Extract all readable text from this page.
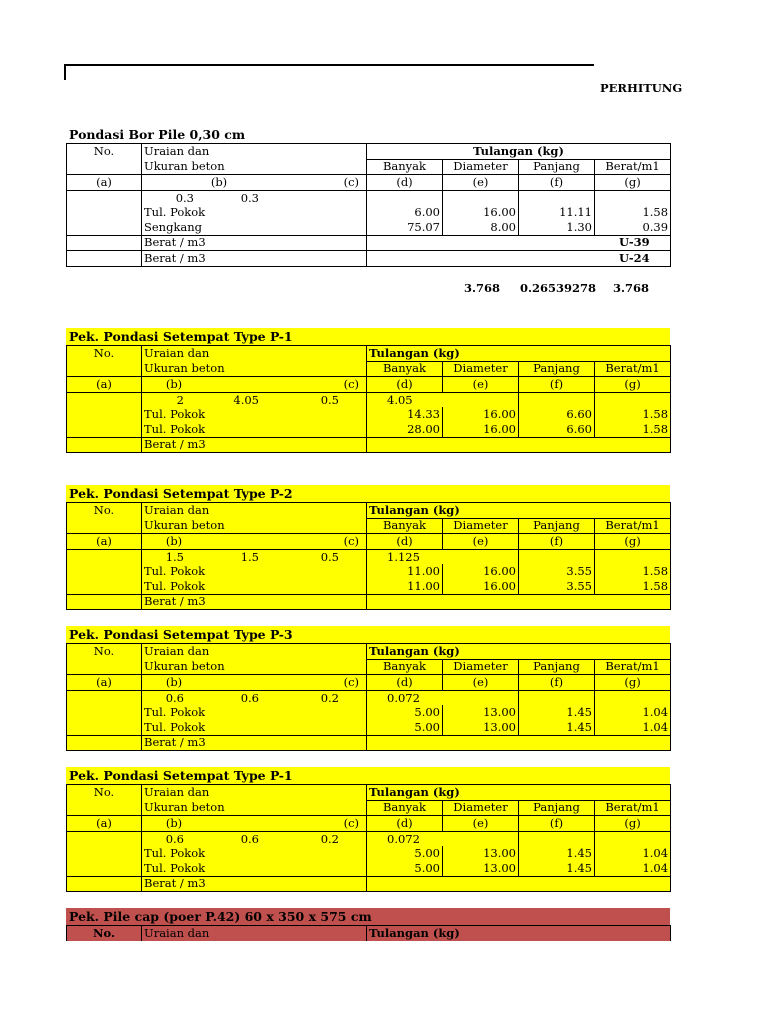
PERHITUNG
Pondasi Bor Pile 0,30 cm
No.	Uraian dan	Tulangan (kg)			
	Ukuran beton	Banyak	Diameter	Panjang	Berat/m1
(a)	(b) (c)	(d)	(e)	(f)	(g)

	0.3 0.3				

	Tul. Pokok	6.00	16.00	11.11	1.58
	Sengkang	75.07	8.00	1.30	0.39
	Berat / m3	U-39			
	Berat / m3	U-24			
3.768 0.26539278 3.768
Pek. Pondasi Setempat Type P-1
No.	Uraian dan	Tulangan (kg)			
	Ukuran beton	Banyak	Diameter	Panjang	Berat/m1
(a)	(b) (c)	(d)	(e)	(f)	(g)

	2 4.05 0.5	4.05			
	Tul. Pokok	14.33	16.00	6.60	1.58
	Tul. Pokok	28.00	16.00	6.60	1.58
	Berat / m3				
Pek. Pondasi Setempat Type P-2
No.	Uraian dan	Tulangan (kg)			
	Ukuran beton	Banyak	Diameter	Panjang	Berat/m1
(a)	(b) (c)	(d)	(e)	(f)	(g)

	1.5 1.5 0.5	1.125			
	Tul. Pokok	11.00	16.00	3.55	1.58
	Tul. Pokok	11.00	16.00	3.55	1.58
	Berat / m3				
Pek. Pondasi Setempat Type P-3
No.	Uraian dan	Tulangan (kg)			
	Ukuran beton	Banyak	Diameter	Panjang	Berat/m1
(a)	(b) (c)	(d)	(e)	(f)	(g)

	0.6 0.6 0.2	0.072			
	Tul. Pokok	5.00	13.00	1.45	1.04
	Tul. Pokok	5.00	13.00	1.45	1.04
	Berat / m3				
Pek. Pondasi Setempat Type P-1
No.	Uraian dan	Tulangan (kg)			
	Ukuran beton	Banyak	Diameter	Panjang	Berat/m1
(a)	(b) (c)	(d)	(e)	(f)	(g)

	0.6 0.6 0.2	0.072			
	Tul. Pokok	5.00	13.00	1.45	1.04
	Tul. Pokok	5.00	13.00	1.45	1.04
	Berat / m3				
Pek. Pile cap (poer P.42) 60 x 350 x 575 cm
No.	Uraian dan	Tulangan (kg)
